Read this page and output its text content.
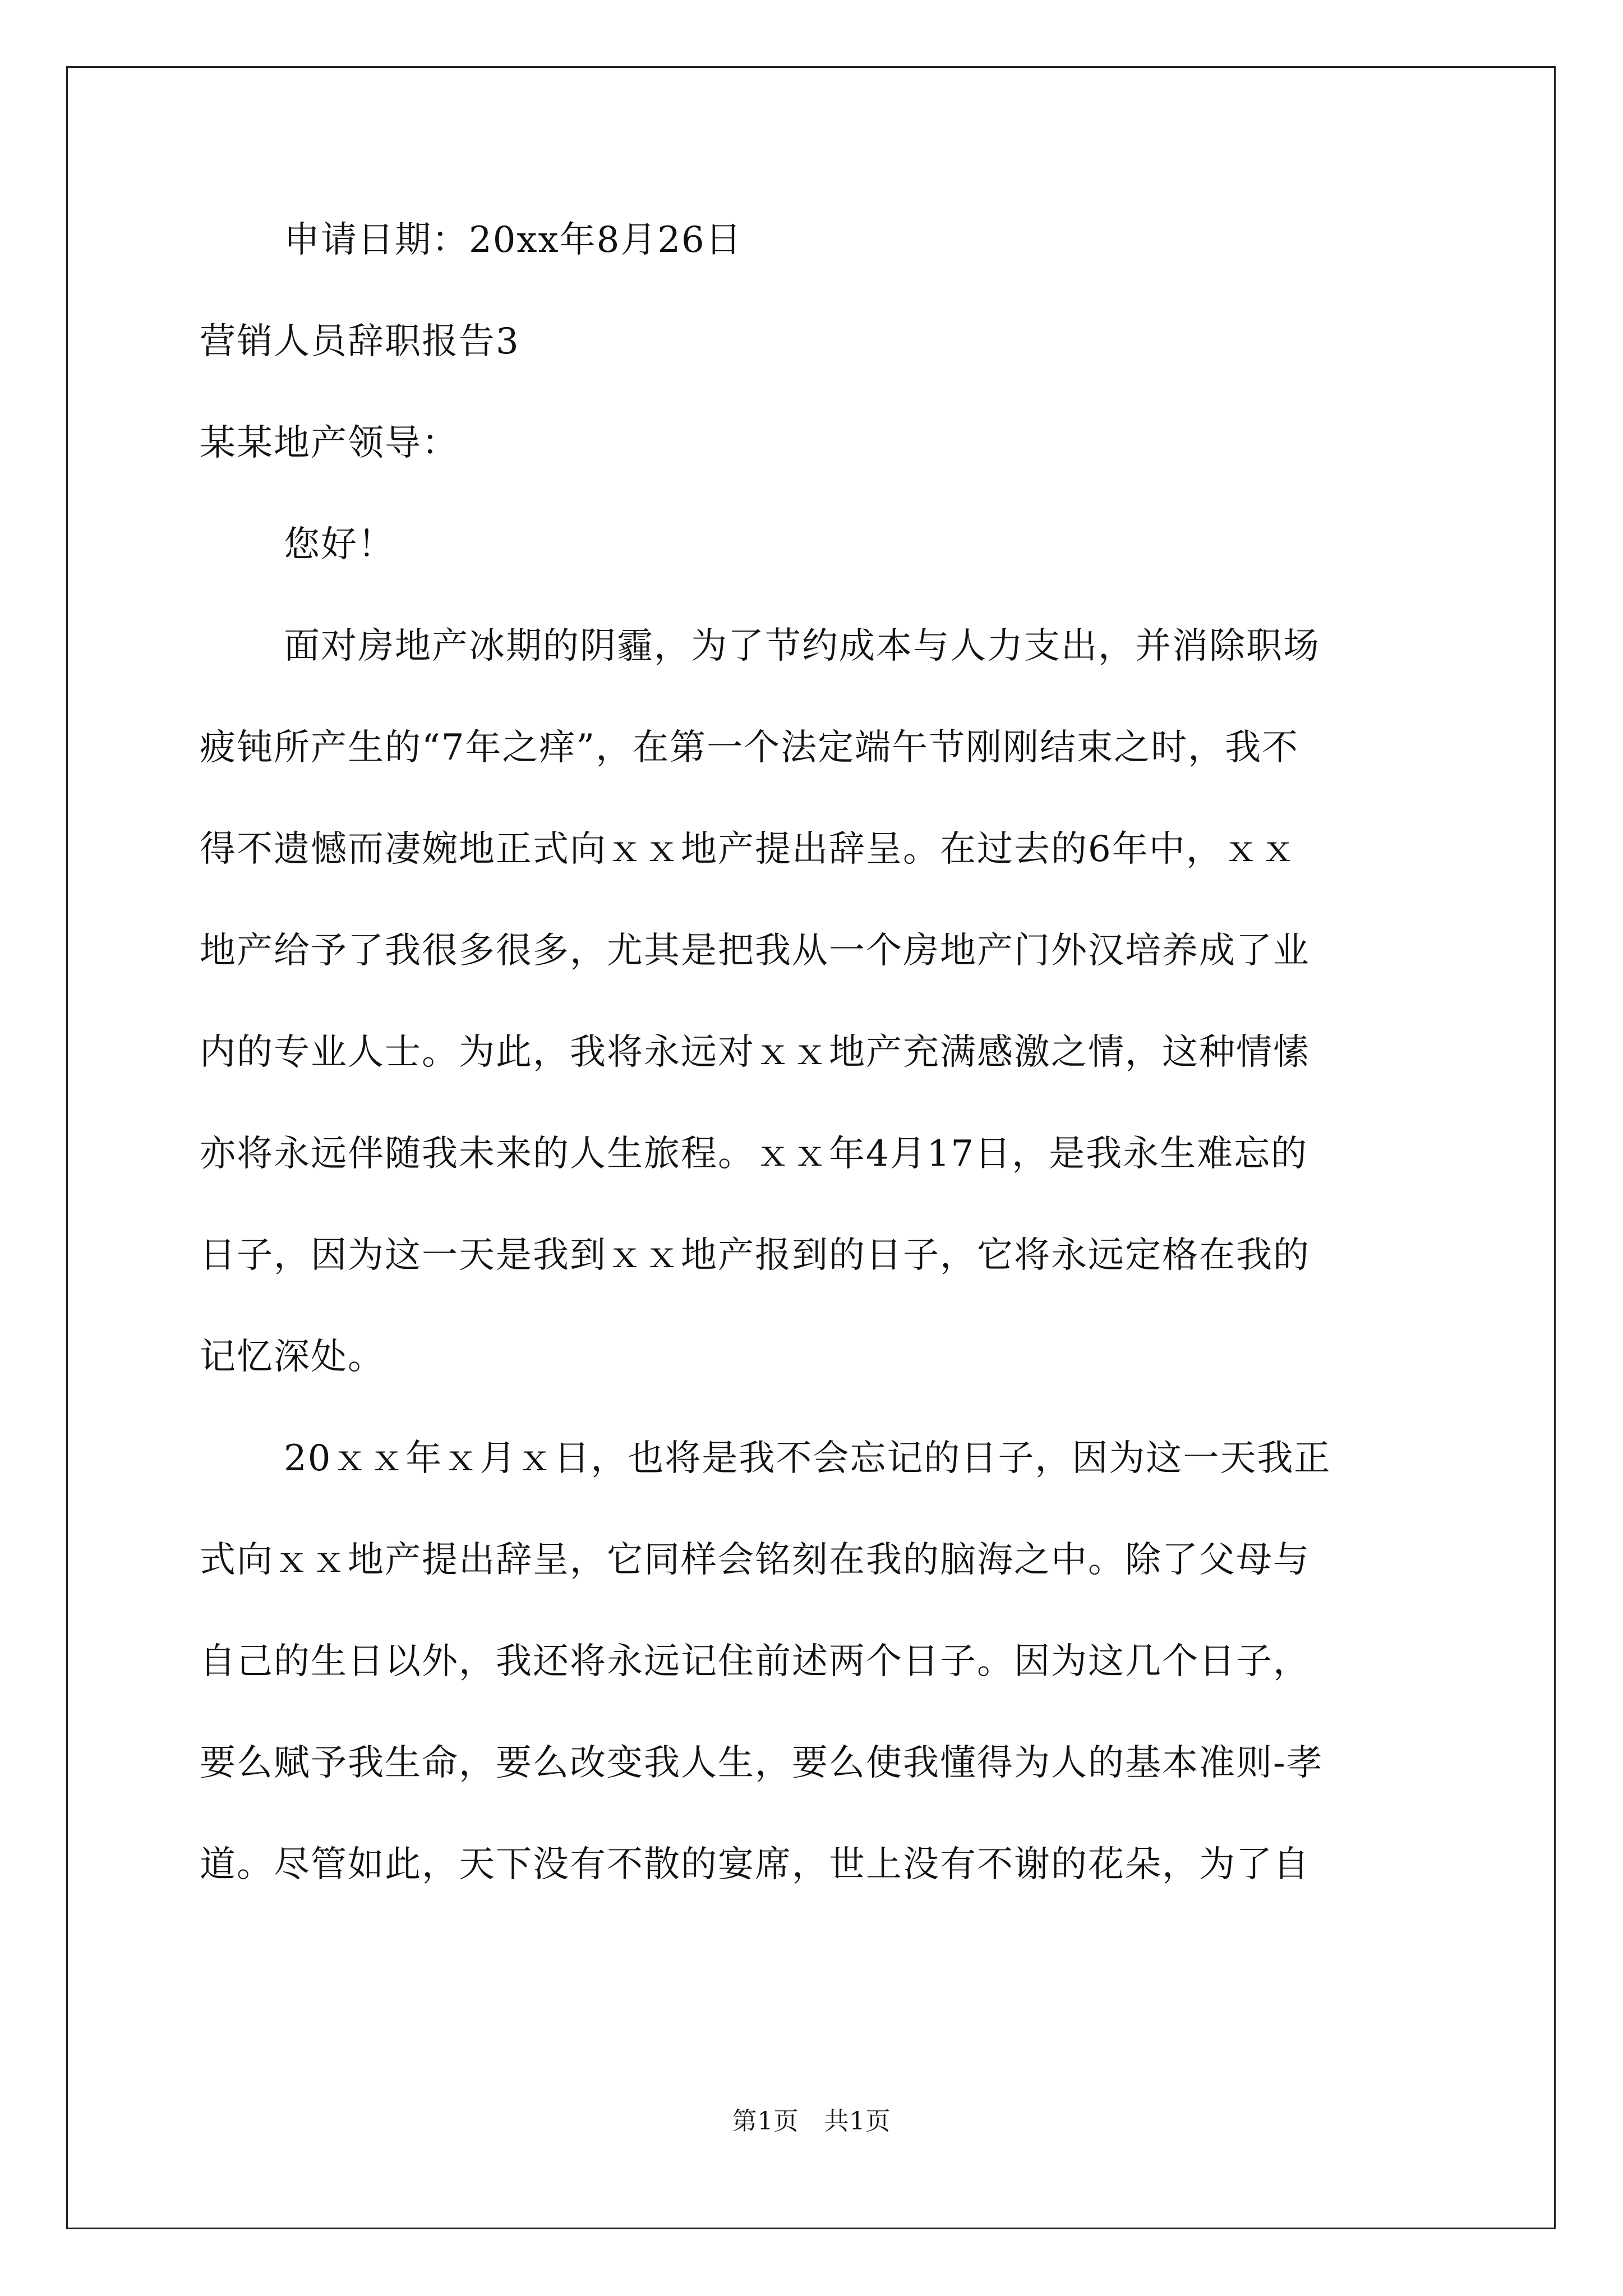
申请日期：20xx年8月26日

营销人员辞职报告3

某某地产领导：

您好！

面对房地产冰期的阴霾，为了节约成本与人力支出，并消除职场
疲钝所产生的“7年之痒”，在第一个法定端午节刚刚结束之时，我不
得不遗憾而凄婉地正式向ｘｘ地产提出辞呈。在过去的6年中，ｘｘ
地产给予了我很多很多，尤其是把我从一个房地产门外汉培养成了业
内的专业人士。为此，我将永远对ｘｘ地产充满感激之情，这种情愫
亦将永远伴随我未来的人生旅程。ｘｘ年4月17日，是我永生难忘的
日子，因为这一天是我到ｘｘ地产报到的日子，它将永远定格在我的
记忆深处。
20ｘｘ年ｘ月ｘ日，也将是我不会忘记的日子，因为这一天我正
式向ｘｘ地产提出辞呈，它同样会铭刻在我的脑海之中。除了父母与
自己的生日以外，我还将永远记住前述两个日子。因为这几个日子，
要么赋予我生命，要么改变我人生，要么使我懂得为人的基本准则-孝
道。尽管如此，天下没有不散的宴席，世上没有不谢的花朵，为了自
第1页　共1页
